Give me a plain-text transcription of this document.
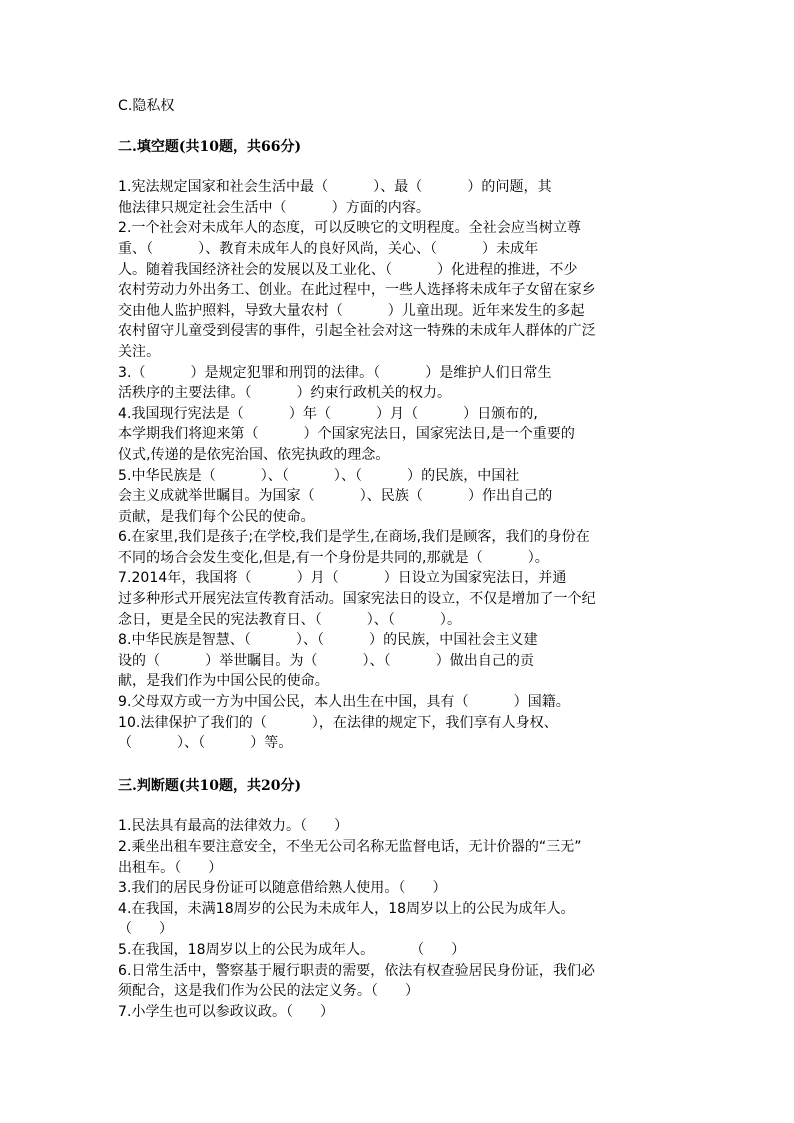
C.隐私权
二.填空题(共10题，共66分)
1.宪法规定国家和社会生活中最（          ）、最（          ）的问题，其
他法律只规定社会生活中（          ）方面的内容。
2.一个社会对未成年人的态度，可以反映它的文明程度。全社会应当树立尊
重、（          ）、教育未成年人的良好风尚，关心、（          ）未成年
人。随着我国经济社会的发展以及工业化、（          ）化进程的推进，不少
农村劳动力外出务工、创业。在此过程中，一些人选择将未成年子女留在家乡
交由他人监护照料，导致大量农村（          ）儿童出现。近年来发生的多起
农村留守儿童受到侵害的事件，引起全社会对这一特殊的未成年人群体的广泛
关注。
3.（          ）是规定犯罪和刑罚的法律。（          ）是维护人们日常生
活秩序的主要法律。（          ）约束行政机关的权力。
4.我国现行宪法是（          ）年（          ）月（          ）日颁布的,
本学期我们将迎来第（          ）个国家宪法日，国家宪法日,是一个重要的
仪式,传递的是依宪治国、依宪执政的理念。
5.中华民族是（          ）、（          ）、（          ）的民族，中国社
会主义成就举世瞩目。为国家（          ）、民族（          ）作出自己的
贡献，是我们每个公民的使命。
6.在家里,我们是孩子;在学校,我们是学生,在商场,我们是顾客，我们的身份在
不同的场合会发生变化,但是,有一个身份是共同的,那就是（          ）。
7.2014年，我国将（          ）月（          ）日设立为国家宪法日，并通
过多种形式开展宪法宣传教育活动。国家宪法日的设立，不仅是增加了一个纪
念日，更是全民的宪法教育日、（          ）、（          ）。
8.中华民族是智慧、（          ）、（          ）的民族，中国社会主义建
设的（          ）举世瞩目。为（          ）、（          ）做出自己的贡
献，是我们作为中国公民的使命。
9.父母双方或一方为中国公民，本人出生在中国，具有（          ）国籍。
10.法律保护了我们的（          ），在法律的规定下，我们享有人身权、
（          ）、（          ）等。
三.判断题(共10题，共20分)
1.民法具有最高的法律效力。（      ）
2.乘坐出租车要注意安全，不坐无公司名称无监督电话，无计价器的“三无”
出租车。（      ）
3.我们的居民身份证可以随意借给熟人使用。（      ）
4.在我国，未满18周岁的公民为未成年人，18周岁以上的公民为成年人。
（      ）
5.在我国，18周岁以上的公民为成年人。        （      ）
6.日常生活中，警察基于履行职责的需要，依法有权查验居民身份证，我们必
须配合，这是我们作为公民的法定义务。（      ）
7.小学生也可以参政议政。（      ）
